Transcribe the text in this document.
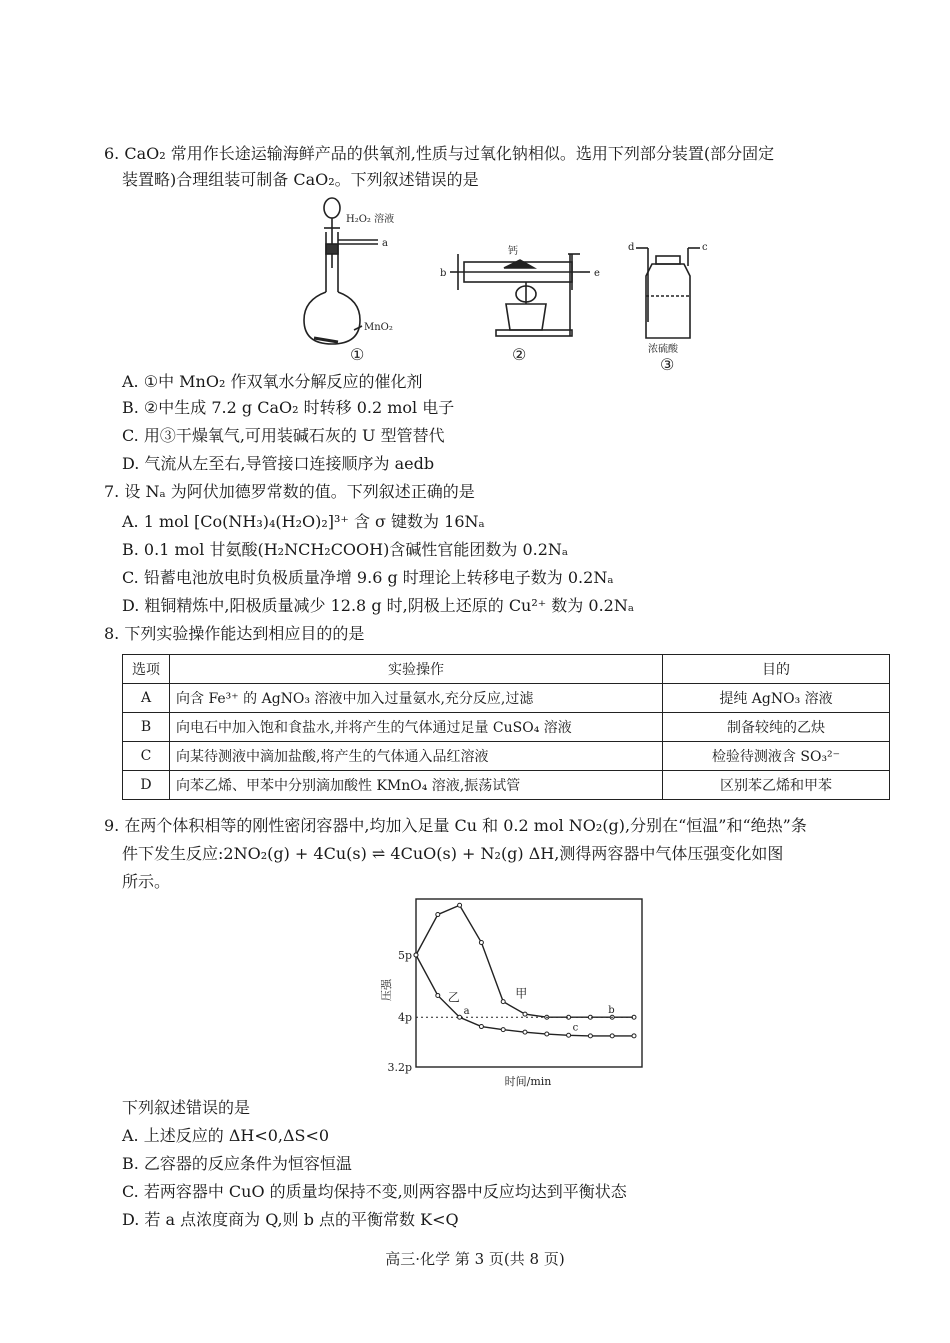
6. CaO₂ 常用作长途运输海鲜产品的供氧剂,性质与过氧化钠相似。选用下列部分装置(部分固定
装置略)合理组装可制备 CaO₂。下列叙述错误的是
H₂O₂ 溶液
a
MnO₂
①
钙
b	e
②
d	c
浓硫酸
③
A. ①中 MnO₂ 作双氧水分解反应的催化剂
B. ②中生成 7.2 g CaO₂ 时转移 0.2 mol 电子
C. 用③干燥氧气,可用装碱石灰的 U 型管替代
D. 气流从左至右,导管接口连接顺序为 aedb
7. 设 Nₐ 为阿伏加德罗常数的值。下列叙述正确的是
A. 1 mol [Co(NH₃)₄(H₂O)₂]³⁺ 含 σ 键数为 16Nₐ
B. 0.1 mol 甘氨酸(H₂NCH₂COOH)含碱性官能团数为 0.2Nₐ
C. 铅蓄电池放电时负极质量净增 9.6 g 时理论上转移电子数为 0.2Nₐ
D. 粗铜精炼中,阳极质量减少 12.8 g 时,阴极上还原的 Cu²⁺ 数为 0.2Nₐ
8. 下列实验操作能达到相应目的的是
选项	实验操作	目的
A	向含 Fe³⁺ 的 AgNO₃ 溶液中加入过量氨水,充分反应,过滤	提纯 AgNO₃ 溶液
B	向电石中加入饱和食盐水,并将产生的气体通过足量 CuSO₄ 溶液	制备较纯的乙炔
C	向某待测液中滴加盐酸,将产生的气体通入品红溶液	检验待测液含 SO₃²⁻
D	向苯乙烯、甲苯中分别滴加酸性 KMnO₄ 溶液,振荡试管	区别苯乙烯和甲苯
9. 在两个体积相等的刚性密闭容器中,均加入足量 Cu 和 0.2 mol NO₂(g),分别在“恒温”和“绝热”条
件下发生反应:2NO₂(g) + 4Cu(s) ⇌ 4CuO(s) + N₂(g) ΔH,测得两容器中气体压强变化如图
所示。
5p
4p
3.2p
甲
乙
a	b
c
压强
时间/min
下列叙述错误的是
A. 上述反应的 ΔH<0,ΔS<0
B. 乙容器的反应条件为恒容恒温
C. 若两容器中 CuO 的质量均保持不变,则两容器中反应均达到平衡状态
D. 若 a 点浓度商为 Q,则 b 点的平衡常数 K<Q
高三·化学 第 3 页(共 8 页)
